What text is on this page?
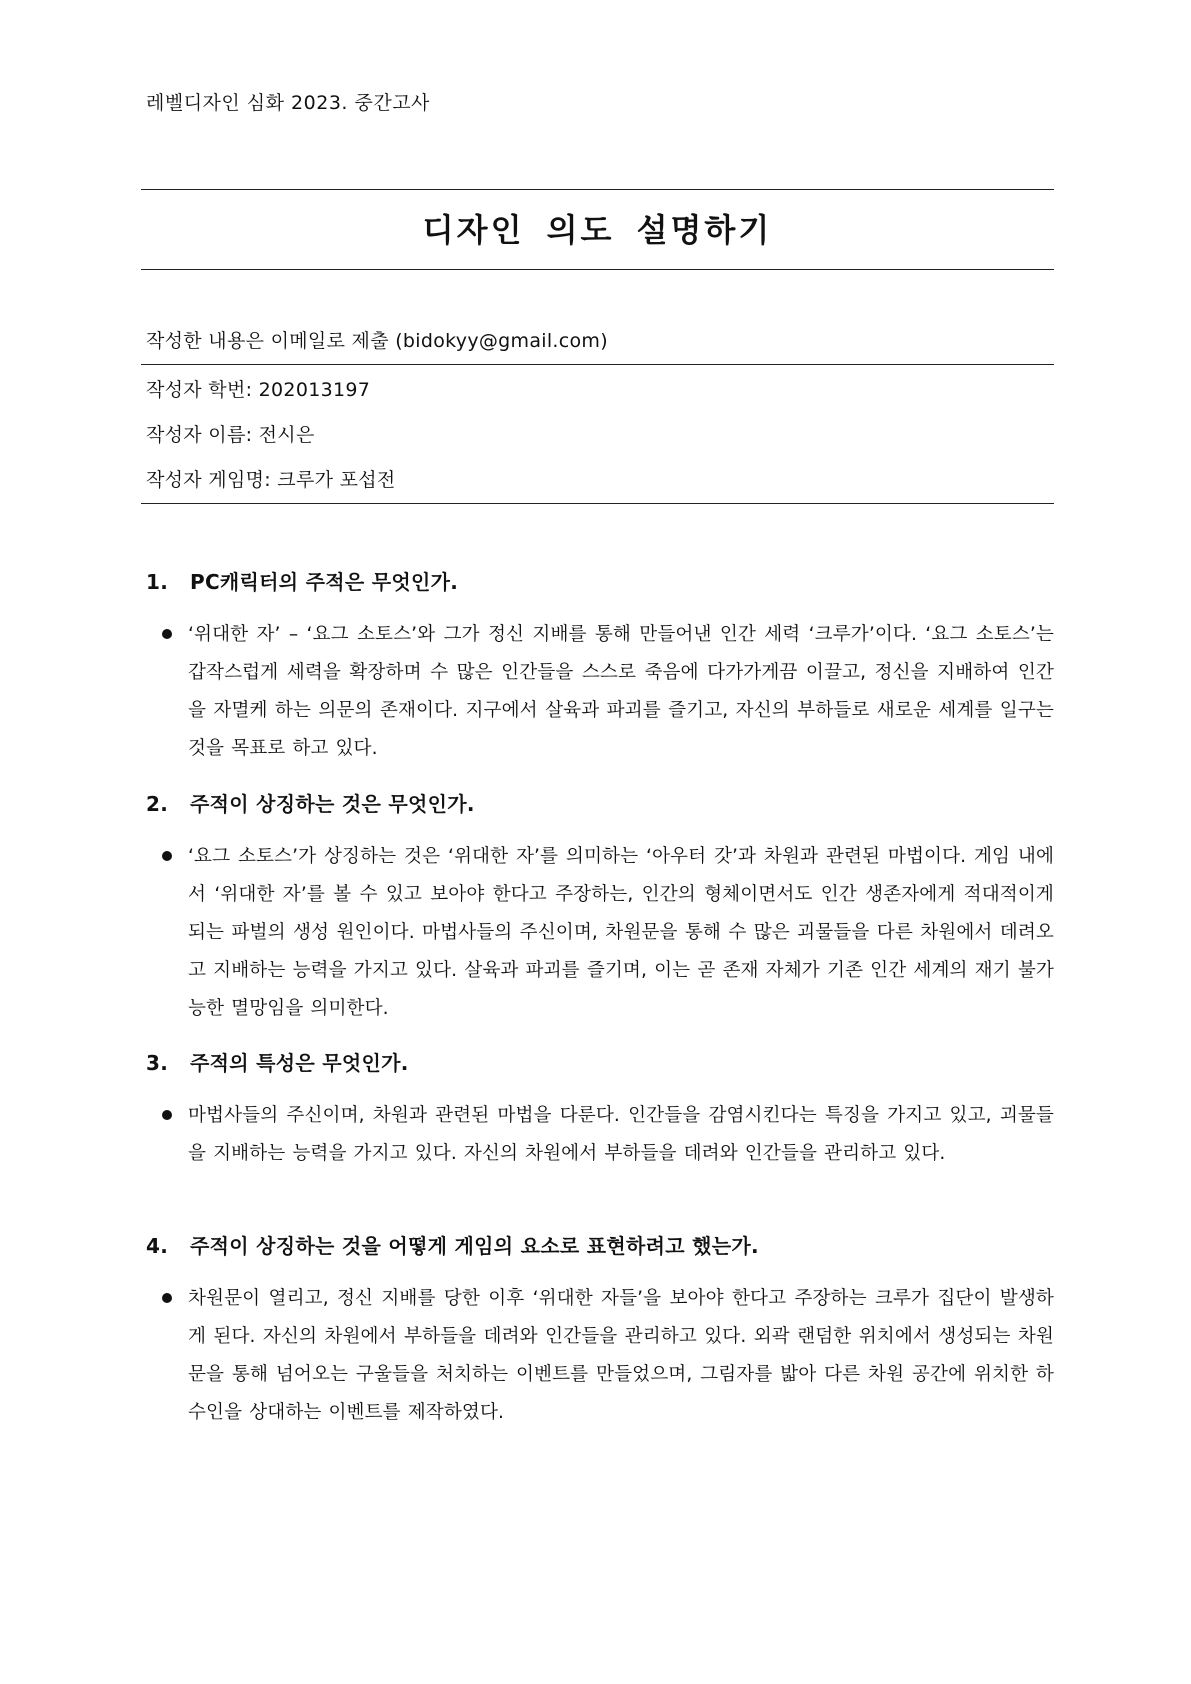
레벨디자인 심화 2023. 중간고사
디자인 의도 설명하기
작성한 내용은 이메일로 제출 (bidokyy@gmail.com)
작성자 학번: 202013197
작성자 이름: 전시은
작성자 게임명: 크루가 포섭전
1. PC캐릭터의 주적은 무엇인가.
‘위대한 자’ – ‘요그 소토스’와 그가 정신 지배를 통해 만들어낸 인간 세력 ‘크루가’이다. ‘요그 소토스’는 갑작스럽게 세력을 확장하며 수 많은 인간들을 스스로 죽음에 다가가게끔 이끌고, 정신을 지배하여 인간을 자멸케 하는 의문의 존재이다. 지구에서 살육과 파괴를 즐기고, 자신의 부하들로 새로운 세계를 일구는 것을 목표로 하고 있다.
2. 주적이 상징하는 것은 무엇인가.
‘요그 소토스’가 상징하는 것은 ‘위대한 자’를 의미하는 ‘아우터 갓’과 차원과 관련된 마법이다. 게임 내에서 ‘위대한 자’를 볼 수 있고 보아야 한다고 주장하는, 인간의 형체이면서도 인간 생존자에게 적대적이게 되는 파벌의 생성 원인이다. 마법사들의 주신이며, 차원문을 통해 수 많은 괴물들을 다른 차원에서 데려오고 지배하는 능력을 가지고 있다. 살육과 파괴를 즐기며, 이는 곧 존재 자체가 기존 인간 세계의 재기 불가능한 멸망임을 의미한다.
3. 주적의 특성은 무엇인가.
마법사들의 주신이며, 차원과 관련된 마법을 다룬다. 인간들을 감염시킨다는 특징을 가지고 있고, 괴물들을 지배하는 능력을 가지고 있다. 자신의 차원에서 부하들을 데려와 인간들을 관리하고 있다.
4. 주적이 상징하는 것을 어떻게 게임의 요소로 표현하려고 했는가.
차원문이 열리고, 정신 지배를 당한 이후 ‘위대한 자들’을 보아야 한다고 주장하는 크루가 집단이 발생하게 된다. 자신의 차원에서 부하들을 데려와 인간들을 관리하고 있다. 외곽 랜덤한 위치에서 생성되는 차원문을 통해 넘어오는 구울들을 처치하는 이벤트를 만들었으며, 그림자를 밟아 다른 차원 공간에 위치한 하수인을 상대하는 이벤트를 제작하였다.
